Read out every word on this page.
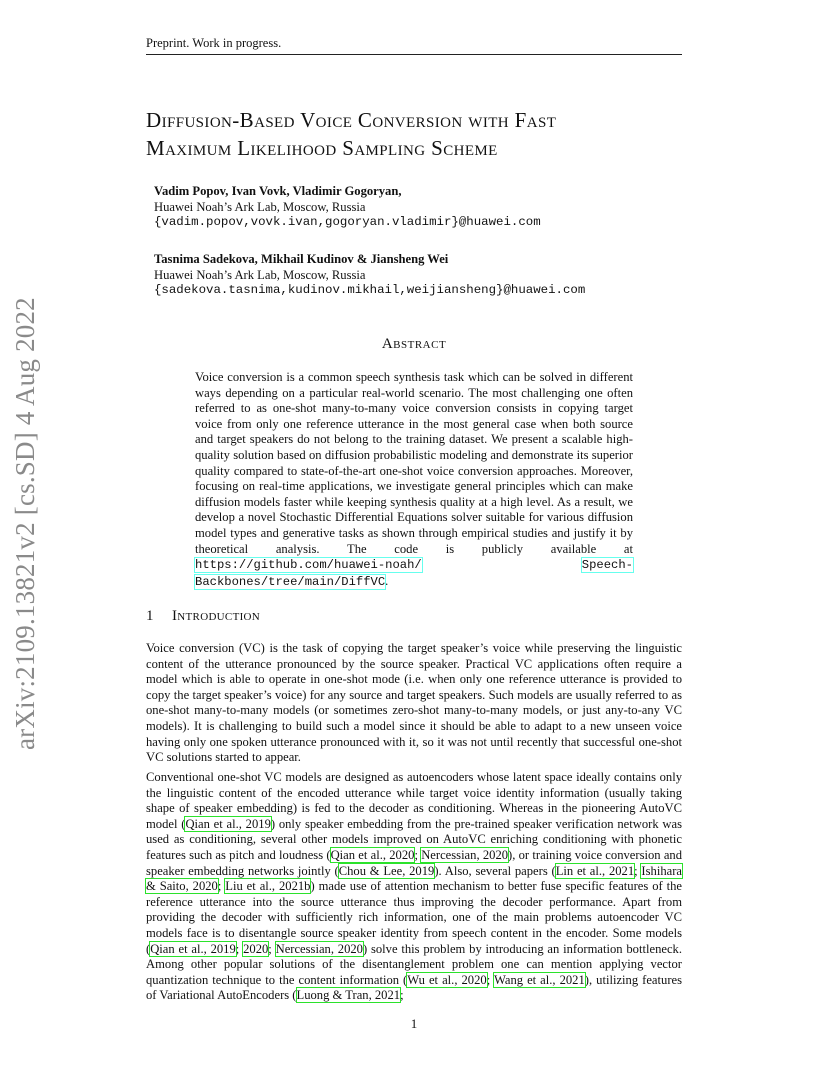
Preprint. Work in progress.
arXiv:2109.13821v2 [cs.SD] 4 Aug 2022
Diffusion-Based Voice Conversion with Fast
Maximum Likelihood Sampling Scheme
Vadim Popov, Ivan Vovk, Vladimir Gogoryan,
Huawei Noah’s Ark Lab, Moscow, Russia
{vadim.popov,vovk.ivan,gogoryan.vladimir}@huawei.com
Tasnima Sadekova, Mikhail Kudinov & Jiansheng Wei
Huawei Noah’s Ark Lab, Moscow, Russia
{sadekova.tasnima,kudinov.mikhail,weijiansheng}@huawei.com
Abstract
Voice conversion is a common speech synthesis task which can be solved in different ways depending on a particular real-world scenario. The most challenging one often referred to as one-shot many-to-many voice conversion consists in copying target voice from only one reference utterance in the most general case when both source and target speakers do not belong to the training dataset. We present a scalable high-quality solution based on diffusion probabilistic modeling and demonstrate its superior quality compared to state-of-the-art one-shot voice conversion approaches. Moreover, focusing on real-time applications, we investigate general principles which can make diffusion models faster while keeping synthesis quality at a high level. As a result, we develop a novel Stochastic Differential Equations solver suitable for various diffusion model types and generative tasks as shown through empirical studies and justify it by theoretical analysis. The code is publicly available at https://github.com/huawei-noah/	Speech-Backbones/tree/main/DiffVC.
1 Introduction
Voice conversion (VC) is the task of copying the target speaker’s voice while preserving the linguistic content of the utterance pronounced by the source speaker. Practical VC applications often require a model which is able to operate in one-shot mode (i.e. when only one reference utterance is provided to copy the target speaker’s voice) for any source and target speakers. Such models are usually referred to as one-shot many-to-many models (or sometimes zero-shot many-to-many models, or just any-to-any VC models). It is challenging to build such a model since it should be able to adapt to a new unseen voice having only one spoken utterance pronounced with it, so it was not until recently that successful one-shot VC solutions started to appear.
Conventional one-shot VC models are designed as autoencoders whose latent space ideally contains only the linguistic content of the encoded utterance while target voice identity information (usually taking shape of speaker embedding) is fed to the decoder as conditioning. Whereas in the pioneering AutoVC model (Qian et al., 2019) only speaker embedding from the pre-trained speaker verification network was used as conditioning, several other models improved on AutoVC enriching conditioning with phonetic features such as pitch and loudness (Qian et al., 2020; Nercessian, 2020), or training voice conversion and speaker embedding networks jointly (Chou & Lee, 2019). Also, several papers (Lin et al., 2021; Ishihara & Saito, 2020; Liu et al., 2021b) made use of attention mechanism to better fuse specific features of the reference utterance into the source utterance thus improving the decoder performance. Apart from providing the decoder with sufficiently rich information, one of the main problems autoencoder VC models face is to disentangle source speaker identity from speech content in the encoder. Some models (Qian et al., 2019; 2020; Nercessian, 2020) solve this problem by introducing an information bottleneck. Among other popular solutions of the disentanglement problem one can mention applying vector quantization technique to the content information (Wu et al., 2020; Wang et al., 2021), utilizing features of Variational AutoEncoders (Luong & Tran, 2021;
1
